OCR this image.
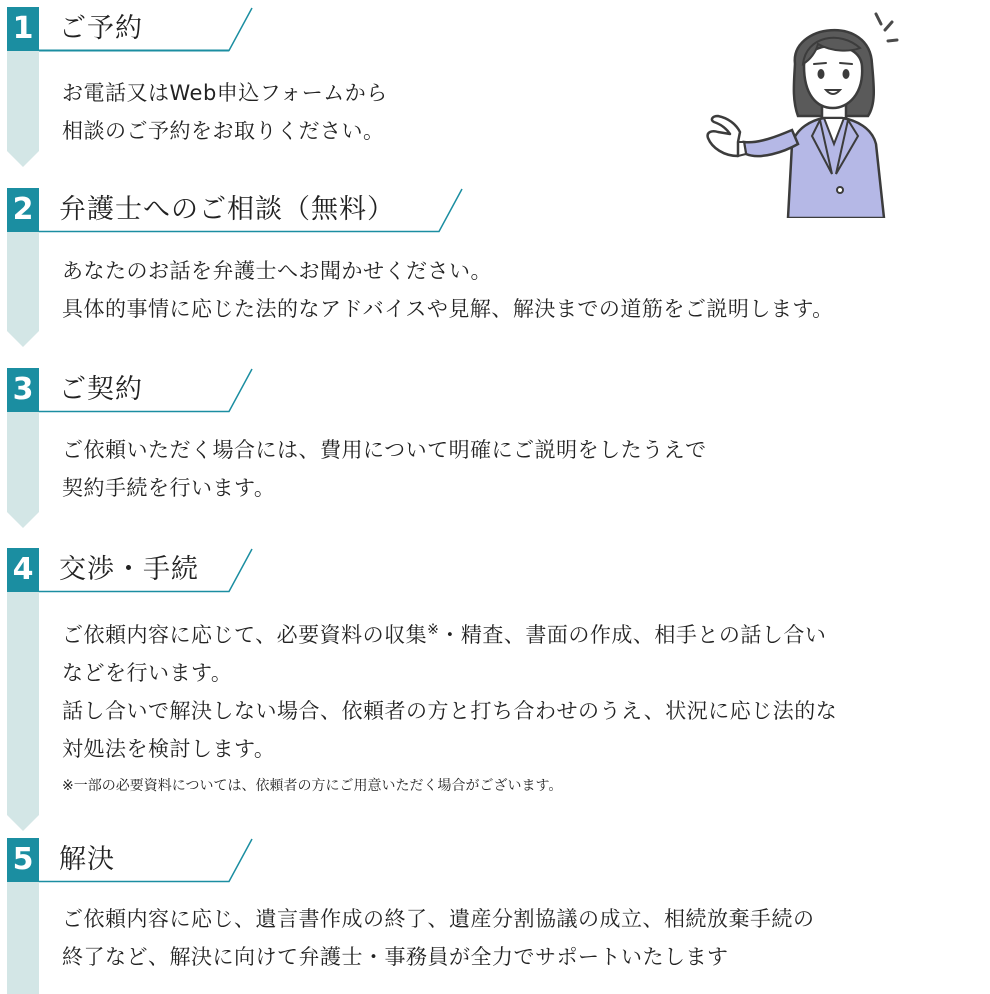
1 ご予約

お電話又はWeb申込フォームから

相談のご予約をお取りください。

2 弁護士へのご相談（無料）

あなたのお話を弁護士へお聞かせください。

具体的事情に応じた法的なアドバイスや見解、解決までの道筋をご説明します。

3 ご契約

ご依頼いただく場合には、費用について明確にご説明をしたうえで

契約手続を行います。

4 交渉・手続

ご依頼内容に応じて、必要資料の収集※・精査、書面の作成、相手との話し合い

などを行います。

話し合いで解決しない場合、依頼者の方と打ち合わせのうえ、状況に応じ法的な

対処法を検討します。

※一部の必要資料については、依頼者の方にご用意いただく場合がございます。

5 解決

ご依頼内容に応じ、遺言書作成の終了、遺産分割協議の成立、相続放棄手続の

終了など、解決に向けて弁護士・事務員が全力でサポートいたします
